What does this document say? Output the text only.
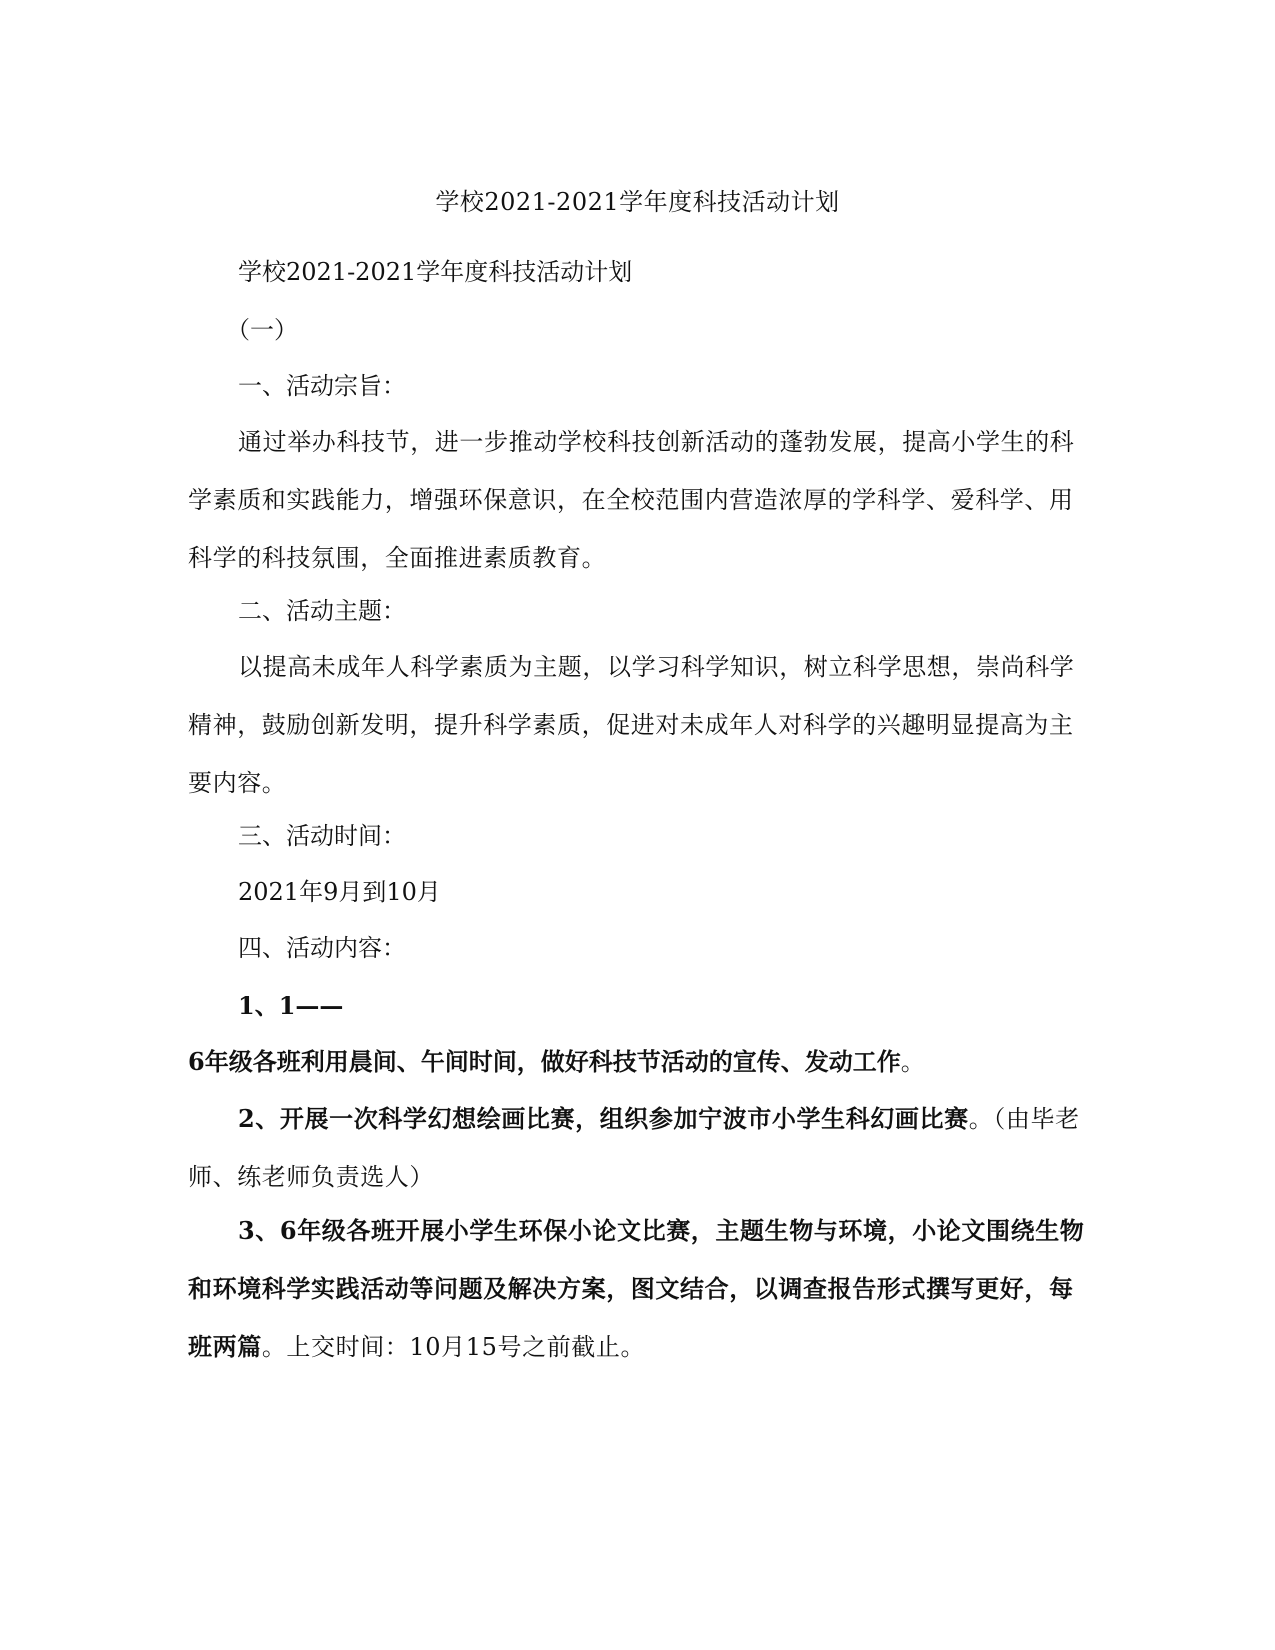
学校2021-2021学年度科技活动计划

学校2021-2021学年度科技活动计划

（一）

一、活动宗旨：

通过举办科技节，进一步推动学校科技创新活动的蓬勃发展，提高小学生的科学素质和实践能力，增强环保意识，在全校范围内营造浓厚的学科学、爱科学、用科学的科技氛围，全面推进素质教育。

二、活动主题：

以提高未成年人科学素质为主题，以学习科学知识，树立科学思想，崇尚科学精神，鼓励创新发明，提升科学素质，促进对未成年人对科学的兴趣明显提高为主要内容。

三、活动时间：

2021年9月到10月

四、活动内容：

1、1——

6年级各班利用晨间、午间时间，做好科技节活动的宣传、发动工作。

2、开展一次科学幻想绘画比赛，组织参加宁波市小学生科幻画比赛。（由毕老师、练老师负责选人）

3、6年级各班开展小学生环保小论文比赛，主题生物与环境，小论文围绕生物和环境科学实践活动等问题及解决方案，图文结合，以调查报告形式撰写更好，每班两篇。上交时间：10月15号之前截止。
